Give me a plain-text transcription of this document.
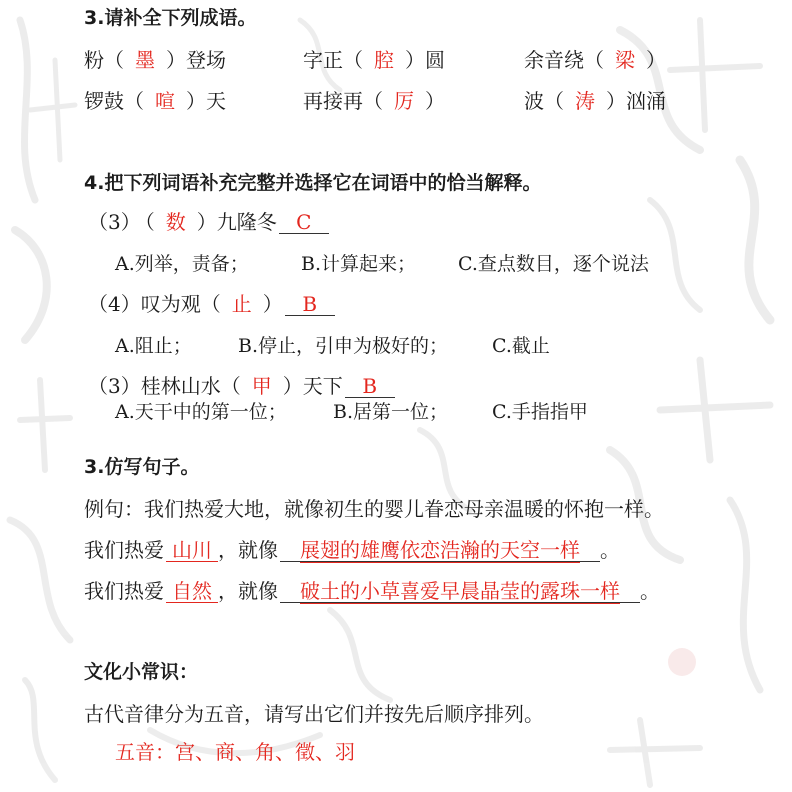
3.请补全下列成语。
粉（ 墨 ）登场	字正（ 腔 ）圆	余音绕（ 梁 ）
锣鼓（ 喧 ）天	再接再（ 厉 ）	波（ 涛 ）汹涌
4.把下列词语补充完整并选择它在词语中的恰当解释。
（3） （ 数 ）九隆冬 C
A.列举，责备；	B.计算起来； C.查点数目，逐个说法
（4）叹为观（ 止 ） B
A.阻止； B.停止，引申为极好的； C.截止
（3）桂林山水（ 甲 ）天下 B
A.天干中的第一位； B.居第一位； C.手指指甲
3.仿写句子。
例句：我们热爱大地，就像初生的婴儿眷恋母亲温暖的怀抱一样。
我们热爱 山川 ，就像 展翅的雄鹰依恋浩瀚的天空一样 。
我们热爱 自然 ，就像 破土的小草喜爱早晨晶莹的露珠一样 。
文化小常识：
古代音律分为五音，请写出它们并按先后顺序排列。
五音：宫、商、角、徵、羽
